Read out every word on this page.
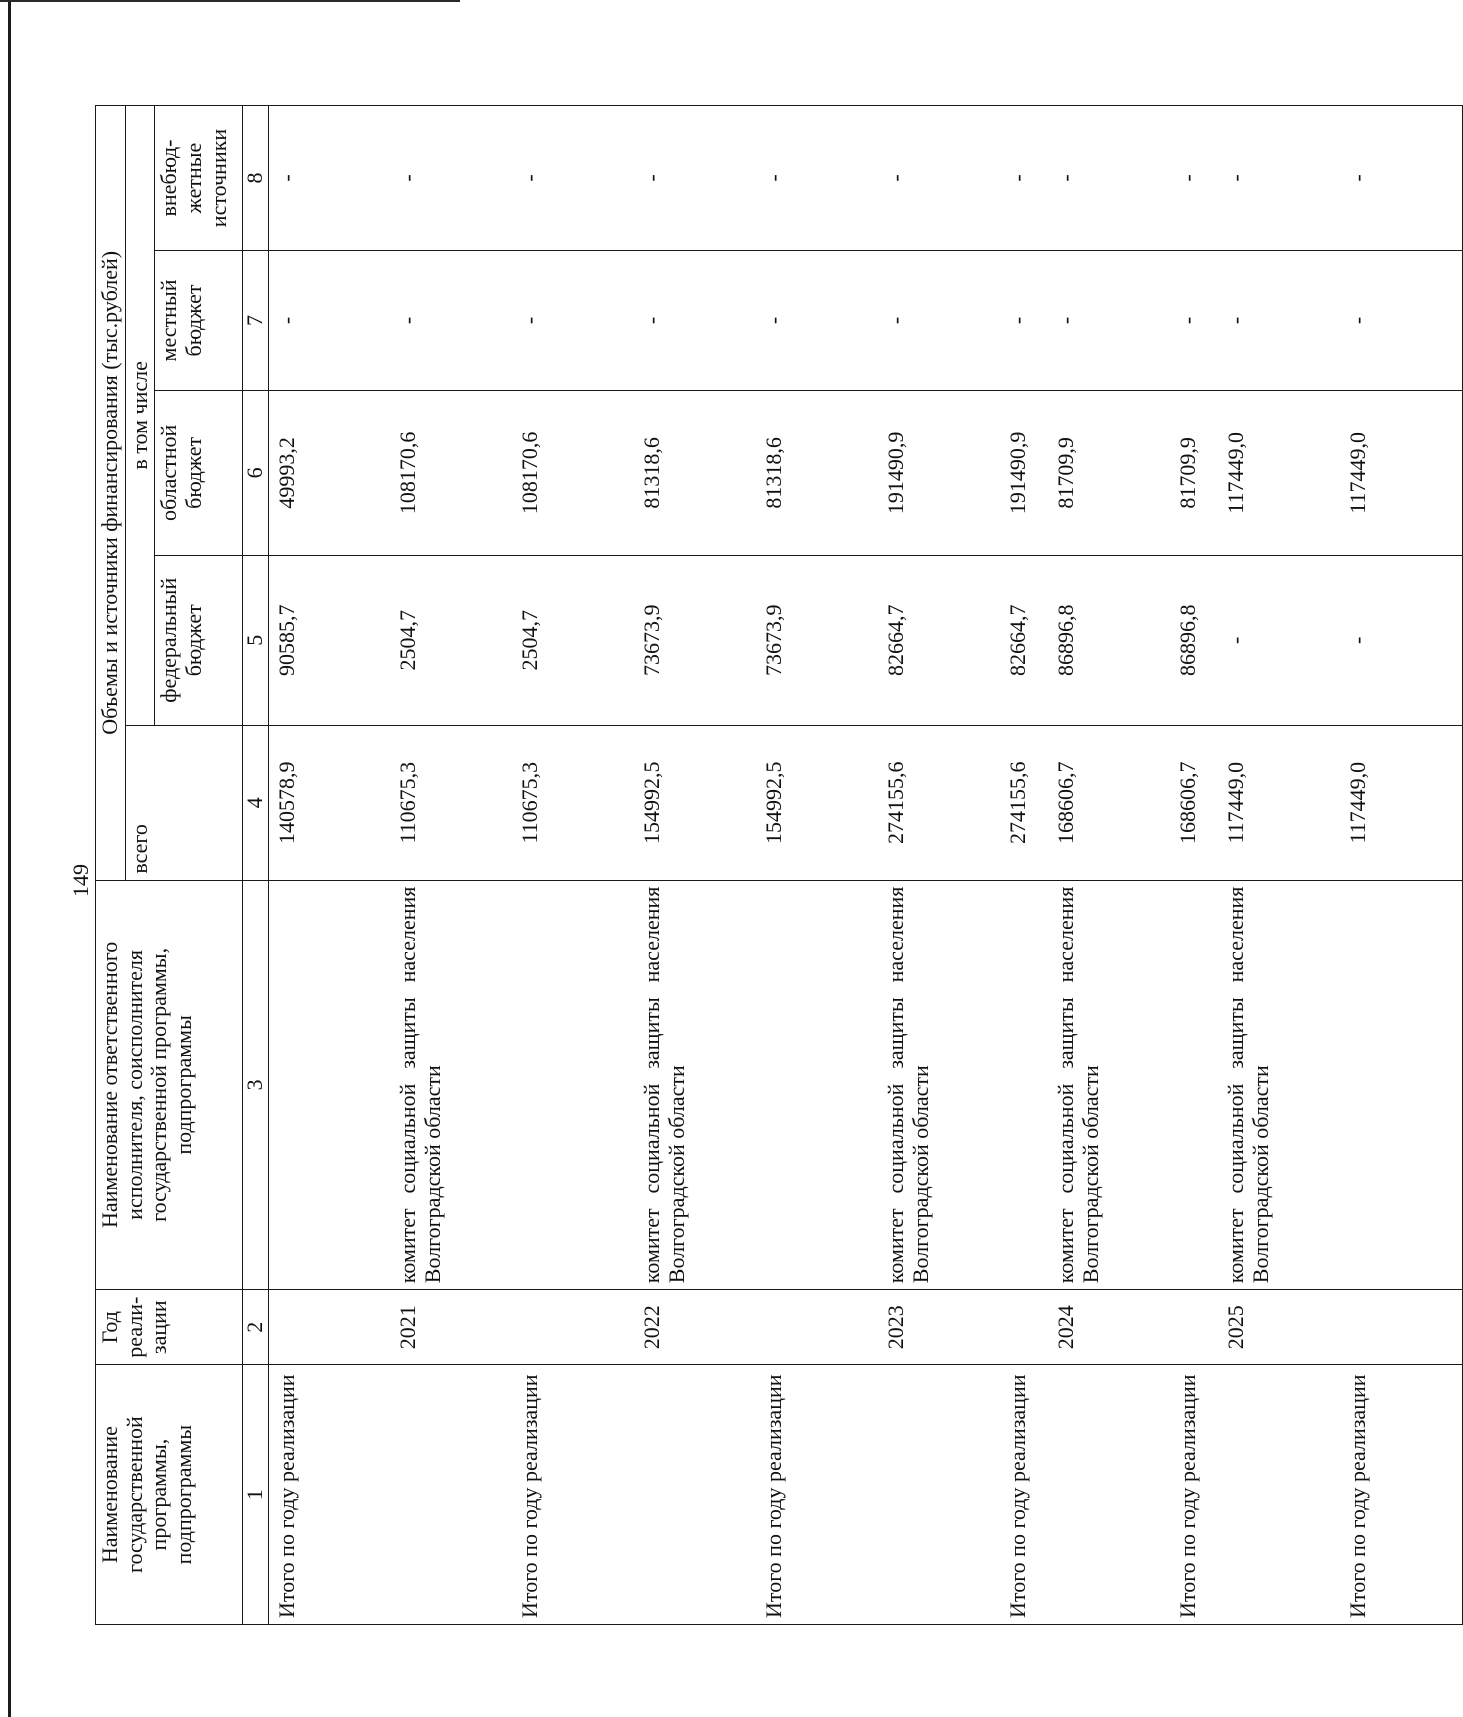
149
Наименование государственной программы, подпрограммы	Год реали-зации	Наименование ответственного исполнителя, соисполнителя государственной программы, подпрограммы	Объемы и источники финансирования (тыс.рублей)				
			всего	в том числе			
				федеральный бюджет	областной бюджет	местный бюджет	внебюд-жетные источники
1	2	3	4	5	6	7	8
Итого по году реализации			140578,9	90585,7	49993,2	-	-
	2021	комитет социальной защиты населения Волгоградской области	110675,3	2504,7	108170,6	-	-
Итого по году реализации			110675,3	2504,7	108170,6	-	-
	2022	комитет социальной защиты населения Волгоградской области	154992,5	73673,9	81318,6	-	-
Итого по году реализации			154992,5	73673,9	81318,6	-	-
	2023	комитет социальной защиты населения Волгоградской области	274155,6	82664,7	191490,9	-	-
Итого по году реализации			274155,6	82664,7	191490,9	-	-
	2024	комитет социальной защиты населения Волгоградской области	168606,7	86896,8	81709,9	-	-
Итого по году реализации			168606,7	86896,8	81709,9	-	-
	2025	комитет социальной защиты населения Волгоградской области	117449,0	-	117449,0	-	-
Итого по году реализации			117449,0	-	117449,0	-	-
